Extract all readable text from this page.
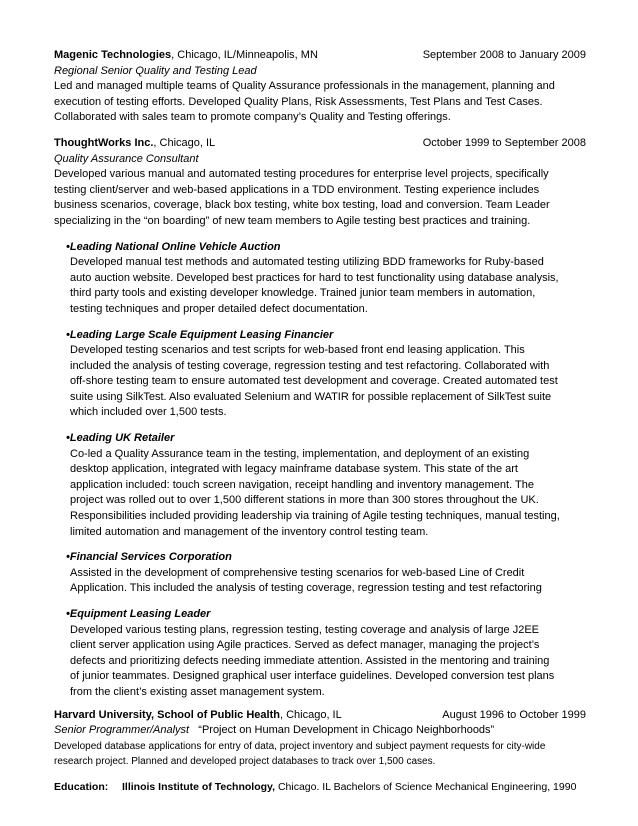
Magenic Technologies, Chicago, IL/Minneapolis, MN	September 2008 to January 2009
Regional Senior Quality and Testing Lead
Led and managed multiple teams of Quality Assurance professionals in the management, planning and
execution of testing efforts. Developed Quality Plans, Risk Assessments, Test Plans and Test Cases.
Collaborated with sales team to promote company’s Quality and Testing offerings.
ThoughtWorks Inc., Chicago, IL	October 1999 to September 2008
Quality Assurance Consultant
Developed various manual and automated testing procedures for enterprise level projects, specifically
testing client/server and web-based applications in a TDD environment. Testing experience includes
business scenarios, coverage, black box testing, white box testing, load and conversion. Team Leader
specializing in the “on boarding” of new team members to Agile testing best practices and training.
•Leading National Online Vehicle Auction
Developed manual test methods and automated testing utilizing BDD frameworks for Ruby-based
auto auction website. Developed best practices for hard to test functionality using database analysis,
third party tools and existing developer knowledge. Trained junior team members in automation,
testing techniques and proper detailed defect documentation.
•Leading Large Scale Equipment Leasing Financier
Developed testing scenarios and test scripts for web-based front end leasing application. This
included the analysis of testing coverage, regression testing and test refactoring. Collaborated with
off-shore testing team to ensure automated test development and coverage. Created automated test
suite using SilkTest. Also evaluated Selenium and WATIR for possible replacement of SilkTest suite
which included over 1,500 tests.
•Leading UK Retailer
Co-led a Quality Assurance team in the testing, implementation, and deployment of an existing
desktop application, integrated with legacy mainframe database system. This state of the art
application included: touch screen navigation, receipt handling and inventory management. The
project was rolled out to over 1,500 different stations in more than 300 stores throughout the UK.
Responsibilities included providing leadership via training of Agile testing techniques, manual testing,
limited automation and management of the inventory control testing team.
•Financial Services Corporation
Assisted in the development of comprehensive testing scenarios for web-based Line of Credit
Application. This included the analysis of testing coverage, regression testing and test refactoring
•Equipment Leasing Leader
Developed various testing plans, regression testing, testing coverage and analysis of large J2EE
client server application using Agile practices. Served as defect manager, managing the project’s
defects and prioritizing defects needing immediate attention. Assisted in the mentoring and training
of junior teammates. Designed graphical user interface guidelines. Developed conversion test plans
from the client’s existing asset management system.
Harvard University, School of Public Health, Chicago, IL	August 1996 to October 1999
Senior Programmer/Analyst “Project on Human Development in Chicago Neighborhoods”
Developed database applications for entry of data, project inventory and subject payment requests for city-wide
research project. Planned and developed project databases to track over 1,500 cases.
Education:	Illinois Institute of Technology, Chicago. IL Bachelors of Science Mechanical Engineering, 1990
